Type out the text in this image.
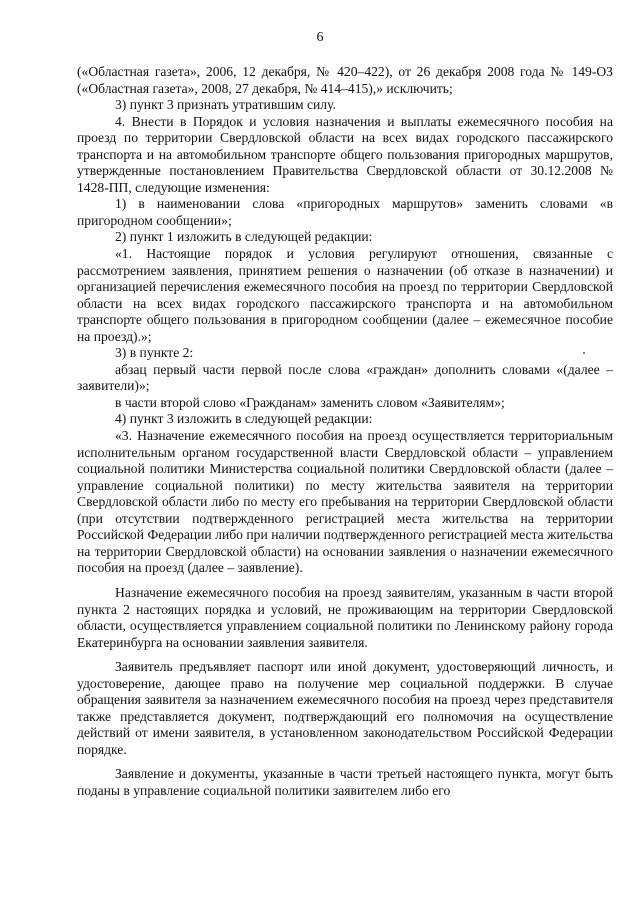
6

(«Областная газета», 2006, 12 декабря, № 420–422), от 26 декабря 2008 года № 149-ОЗ («Областная газета», 2008, 27 декабря, № 414–415),» исключить;

3) пункт 3 признать утратившим силу.

4. Внести в Порядок и условия назначения и выплаты ежемесячного пособия на проезд по территории Свердловской области на всех видах городского пассажирского транспорта и на автомобильном транспорте общего пользования пригородных маршрутов, утвержденные постановлением Правительства Свердловской области от 30.12.2008 № 1428-ПП, следующие изменения:

1) в наименовании слова «пригородных маршрутов» заменить словами «в пригородном сообщении»;

2) пункт 1 изложить в следующей редакции:

«1. Настоящие порядок и условия регулируют отношения, связанные с рассмотрением заявления, принятием решения о назначении (об отказе в назначении) и организацией перечисления ежемесячного пособия на проезд по территории Свердловской области на всех видах городского пассажирского транспорта и на автомобильном транспорте общего пользования в пригородном сообщении (далее – ежемесячное пособие на проезд).»;

3) в пункте 2:

абзац первый части первой после слова «граждан» дополнить словами «(далее – заявители)»;

в части второй слово «Гражданам» заменить словом «Заявителям»;

4) пункт 3 изложить в следующей редакции:

«3. Назначение ежемесячного пособия на проезд осуществляется территориальным исполнительным органом государственной власти Свердловской области – управлением социальной политики Министерства социальной политики Свердловской области (далее – управление социальной политики) по месту жительства заявителя на территории Свердловской области либо по месту его пребывания на территории Свердловской области (при отсутствии подтвержденного регистрацией места жительства на территории Российской Федерации либо при наличии подтвержденного регистрацией места жительства на территории Свердловской области) на основании заявления о назначении ежемесячного пособия на проезд (далее – заявление).

Назначение ежемесячного пособия на проезд заявителям, указанным в части второй пункта 2 настоящих порядка и условий, не проживающим на территории Свердловской области, осуществляется управлением социальной политики по Ленинскому району города Екатеринбурга на основании заявления заявителя.

Заявитель предъявляет паспорт или иной документ, удостоверяющий личность, и удостоверение, дающее право на получение мер социальной поддержки. В случае обращения заявителя за назначением ежемесячного пособия на проезд через представителя также представляется документ, подтверждающий его полномочия на осуществление действий от имени заявителя, в установленном законодательством Российской Федерации порядке.

Заявление и документы, указанные в части третьей настоящего пункта, могут быть поданы в управление социальной политики заявителем либо его
